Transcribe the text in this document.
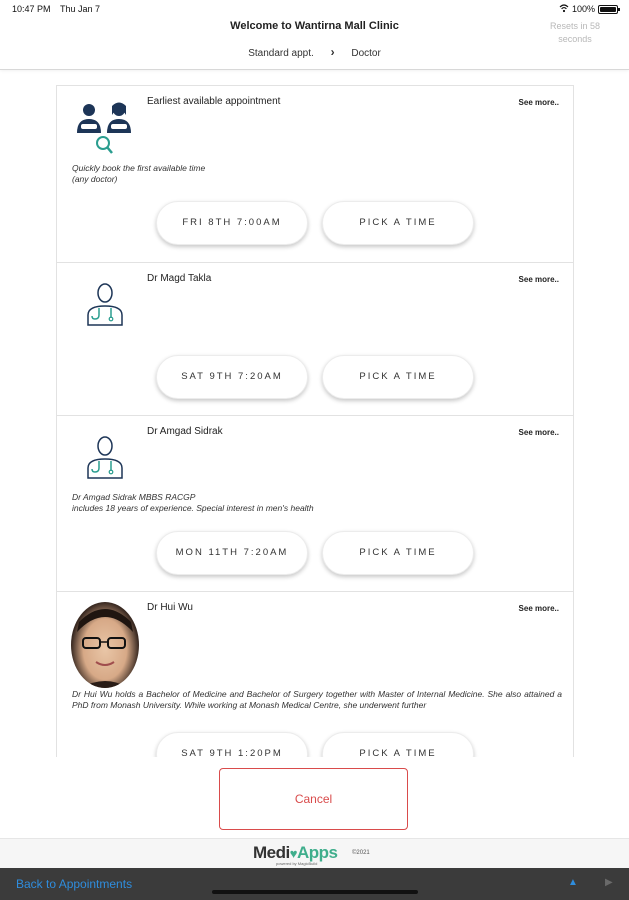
Welcome to Wantirna Mall Clinic
Standard appt. › Doctor
Resets in 58 seconds
10:47 PM Thu Jan 7	100%
Earliest available appointment	See more..
Quickly book the first available time
(any doctor)
FRI 8TH 7:00AM	PICK A TIME
Dr Magd Takla	See more..
SAT 9TH 7:20AM	PICK A TIME
Dr Amgad Sidrak	See more..
Dr Amgad Sidrak MBBS RACGP
includes 18 years of experience. Special interest in men's health
MON 11TH 7:20AM	PICK A TIME
Dr Hui Wu	See more..
Dr Hui Wu holds a Bachelor of Medicine and Bachelor of Surgery together with Master of Internal Medicine. She also attained a PhD from Monash University. While working at Monash Medical Centre, she underwent further
SAT 9TH 1:20PM	PICK A TIME
Cancel
Medi♥Apps
powered by MagicBuild
©2021
Back to Appointments	▲	▶
